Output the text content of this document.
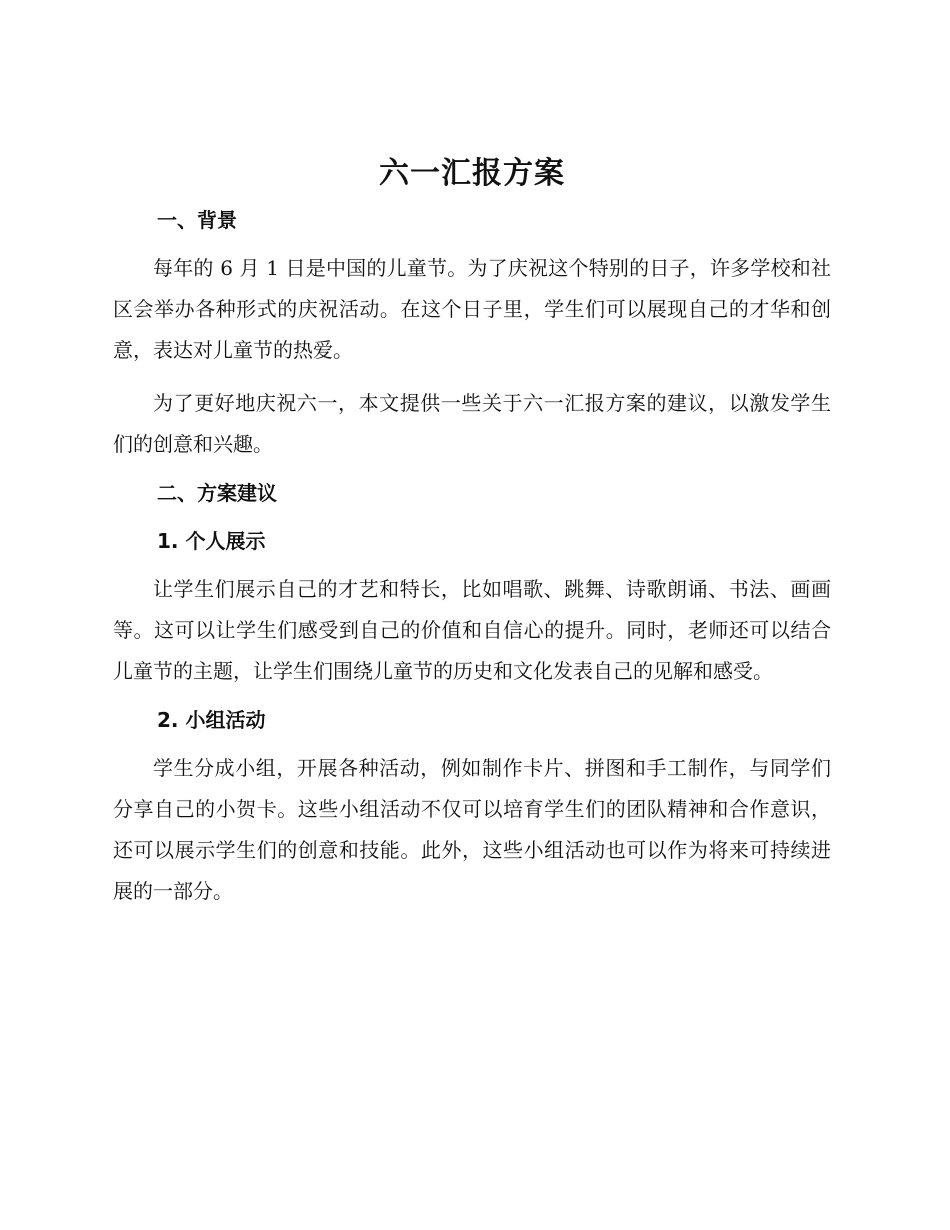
六一汇报方案
一、背景

每年的 6 月 1 日是中国的儿童节。为了庆祝这个特别的日子，许多学校和社区会举办各种形式的庆祝活动。在这个日子里，学生们可以展现自己的才华和创意，表达对儿童节的热爱。

为了更好地庆祝六一，本文提供一些关于六一汇报方案的建议，以激发学生们的创意和兴趣。

二、方案建议
1. 个人展示

让学生们展示自己的才艺和特长，比如唱歌、跳舞、诗歌朗诵、书法、画画等。这可以让学生们感受到自己的价值和自信心的提升。同时，老师还可以结合儿童节的主题，让学生们围绕儿童节的历史和文化发表自己的见解和感受。

2. 小组活动

学生分成小组，开展各种活动，例如制作卡片、拼图和手工制作，与同学们分享自己的小贺卡。这些小组活动不仅可以培育学生们的团队精神和合作意识，还可以展示学生们的创意和技能。此外，这些小组活动也可以作为将来可持续进展的一部分。
